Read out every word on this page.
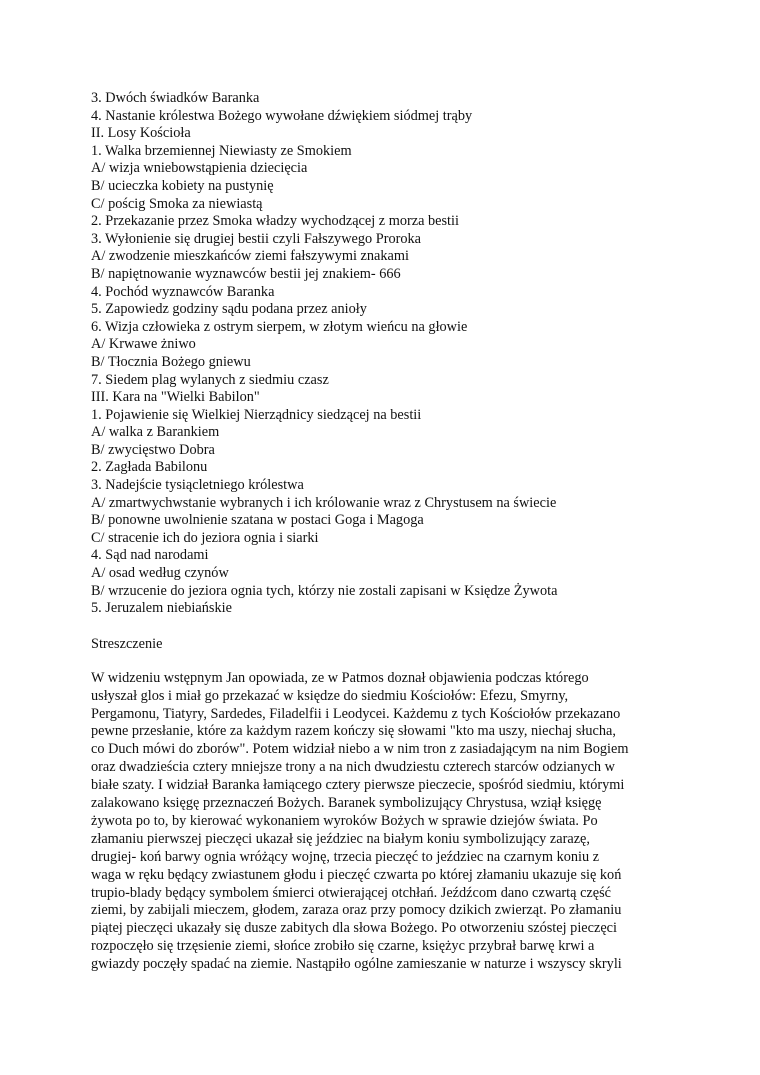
3. Dwóch świadków Baranka
4. Nastanie królestwa Bożego wywołane dźwiękiem siódmej trąby
II. Losy Kościoła
1. Walka brzemiennej Niewiasty ze Smokiem
A/ wizja wniebowstąpienia dziecięcia
B/ ucieczka kobiety na pustynię
C/ pościg Smoka za niewiastą
2. Przekazanie przez Smoka władzy wychodzącej z morza bestii
3. Wyłonienie się drugiej bestii czyli Fałszywego Proroka
A/ zwodzenie mieszkańców ziemi fałszywymi znakami
B/ napiętnowanie wyznawców bestii jej znakiem- 666
4. Pochód wyznawców Baranka
5. Zapowiedz godziny sądu podana przez anioły
6. Wizja człowieka z ostrym sierpem, w złotym wieńcu na głowie
A/ Krwawe żniwo
B/ Tłocznia Bożego gniewu
7. Siedem plag wylanych z siedmiu czasz
III. Kara na "Wielki Babilon"
1. Pojawienie się Wielkiej Nierządnicy siedzącej na bestii
A/ walka z Barankiem
B/ zwycięstwo Dobra
2. Zagłada Babilonu
3. Nadejście tysiącletniego królestwa
A/ zmartwychwstanie wybranych i ich królowanie wraz z Chrystusem na świecie
B/ ponowne uwolnienie szatana w postaci Goga i Magoga
C/ stracenie ich do jeziora ognia i siarki
4. Sąd nad narodami
A/ osad według czynów
B/ wrzucenie do jeziora ognia tych, którzy nie zostali zapisani w Księdze Żywota
5. Jeruzalem niebiańskie
Streszczenie
W widzeniu wstępnym Jan opowiada, ze w Patmos doznał objawienia podczas którego
usłyszał glos i miał go przekazać w księdze do siedmiu Kościołów: Efezu, Smyrny,
Pergamonu, Tiatyry, Sardedes, Filadelfii i Leodycei. Każdemu z tych Kościołów przekazano
pewne przesłanie, które za każdym razem kończy się słowami "kto ma uszy, niechaj słucha,
co Duch mówi do zborów". Potem widział niebo a w nim tron z zasiadającym na nim Bogiem
oraz dwadzieścia cztery mniejsze trony a na nich dwudziestu czterech starców odzianych w
białe szaty. I widział Baranka łamiącego cztery pierwsze pieczecie, spośród siedmiu, którymi
zalakowano księgę przeznaczeń Bożych. Baranek symbolizujący Chrystusa, wziął księgę
żywota po to, by kierować wykonaniem wyroków Bożych w sprawie dziejów świata. Po
złamaniu pierwszej pieczęci ukazał się jeździec na białym koniu symbolizujący zarazę,
drugiej- koń barwy ognia wróżący wojnę, trzecia pieczęć to jeździec na czarnym koniu z
waga w ręku będący zwiastunem głodu i pieczęć czwarta po której złamaniu ukazuje się koń
trupio-blady będący symbolem śmierci otwierającej otchłań. Jeźdźcom dano czwartą część
ziemi, by zabijali mieczem, głodem, zaraza oraz przy pomocy dzikich zwierząt. Po złamaniu
piątej pieczęci ukazały się dusze zabitych dla słowa Bożego. Po otworzeniu szóstej pieczęci
rozpoczęło się trzęsienie ziemi, słońce zrobiło się czarne, księżyc przybrał barwę krwi a
gwiazdy poczęły spadać na ziemie. Nastąpiło ogólne zamieszanie w naturze i wszyscy skryli
